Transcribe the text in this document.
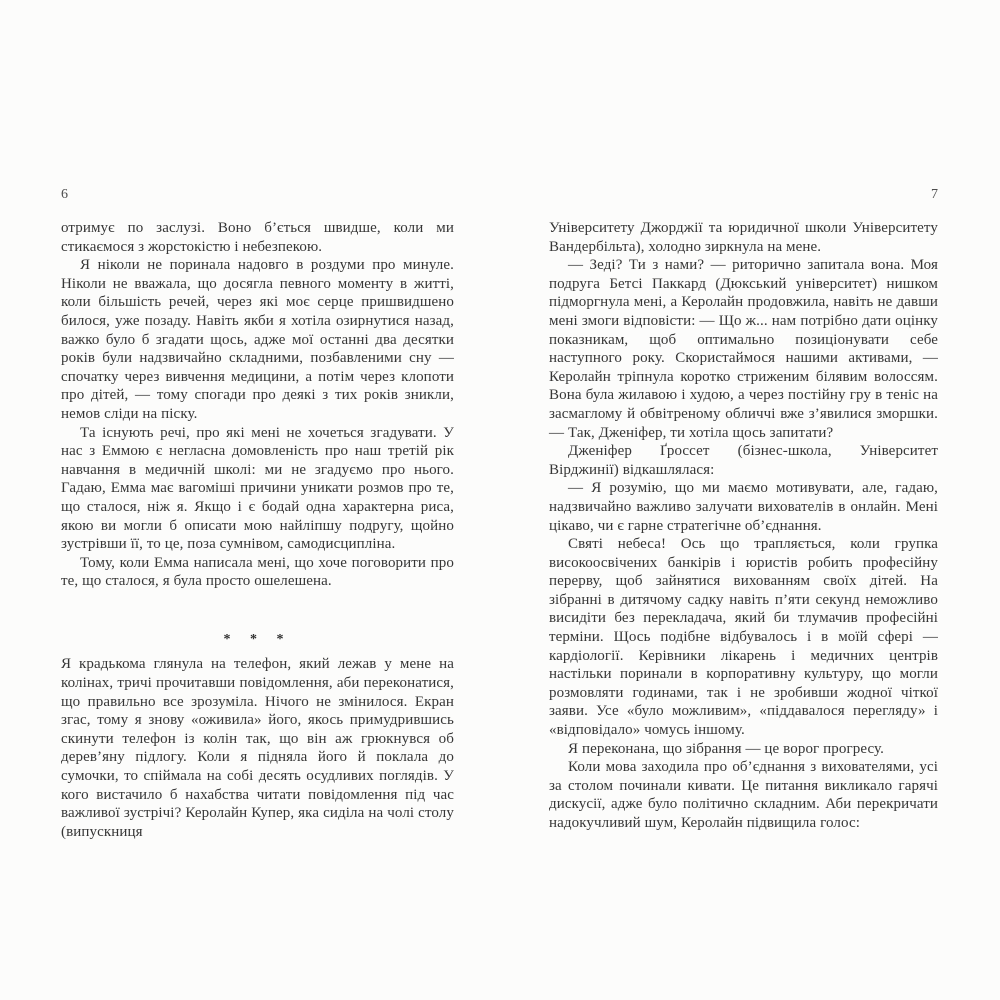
6

отримує по заслузі. Воно б’ється швидше, коли ми стикаємося з жорстокістю і небезпекою.

Я ніколи не поринала надовго в роздуми про минуле. Ніколи не вважала, що досягла певного моменту в житті, коли більшість речей, через які моє серце пришвидшено билося, уже позаду. Навіть якби я хотіла озирнутися назад, важко було б згадати щось, адже мої останні два десятки років були надзвичайно складними, позбавленими сну — спочатку через вивчення медицини, а потім через клопоти про дітей, — тому спогади про деякі з тих років зникли, немов сліди на піску.

Та існують речі, про які мені не хочеться згадувати. У нас з Еммою є негласна домовленість про наш третій рік навчання в медичній школі: ми не згадуємо про нього. Гадаю, Емма має вагоміші причини уникати розмов про те, що сталося, ніж я. Якщо і є бодай одна характерна риса, якою ви могли б описати мою найліпшу подругу, щойно зустрівши її, то це, поза сумнівом, самодисципліна.

Тому, коли Емма написала мені, що хоче поговорити про те, що сталося, я була просто ошелешена.

* * *

Я крадькома глянула на телефон, який лежав у мене на колінах, тричі прочитавши повідомлення, аби переконатися, що правильно все зрозуміла. Нічого не змінилося. Екран згас, тому я знову «оживила» його, якось примудрившись скинути телефон із колін так, що він аж грюкнувся об дерев’яну підлогу. Коли я підняла його й поклала до сумочки, то спіймала на собі десять осудливих поглядів. У кого вистачило б нахабства читати повідомлення під час важливої зустрічі? Керолайн Купер, яка сиділа на чолі столу (випускниця

7

Університету Джорджії та юридичної школи Університету Вандербільта), холодно зиркнула на мене.

— Зеді? Ти з нами? — риторично запитала вона. Моя подруга Бетсі Паккард (Дюкський університет) нишком підморгнула мені, а Керолайн продовжила, навіть не давши мені змоги відповісти: — Що ж... нам потрібно дати оцінку показникам, щоб оптимально позиціонувати себе наступного року. Скористаймося нашими активами, — Керолайн тріпнула коротко стриженим білявим волоссям. Вона була жилавою і худою, а через постійну гру в теніс на засмаглому й обвітреному обличчі вже з’явилися зморшки. — Так, Дженіфер, ти хотіла щось запитати?

Дженіфер Ґроссет (бізнес-школа, Університет Вірджинії) відкашлялася:

— Я розумію, що ми маємо мотивувати, але, гадаю, надзвичайно важливо залучати вихователів в онлайн. Мені цікаво, чи є гарне стратегічне об’єднання.

Святі небеса! Ось що трапляється, коли групка високоосвічених банкірів і юристів робить професійну перерву, щоб зайнятися вихованням своїх дітей. На зібранні в дитячому садку навіть п’яти секунд неможливо висидіти без перекладача, який би тлумачив професійні терміни. Щось подібне відбувалось і в моїй сфері — кардіології. Керівники лікарень і медичних центрів настільки поринали в корпоративну культуру, що могли розмовляти годинами, так і не зробивши жодної чіткої заяви. Усе «було можливим», «піддавалося перегляду» і «відповідало» чомусь іншому.

Я переконана, що зібрання — це ворог прогресу.

Коли мова заходила про об’єднання з вихователями, усі за столом починали кивати. Це питання викликало гарячі дискусії, адже було політично складним. Аби перекричати надокучливий шум, Керолайн підвищила голос:
